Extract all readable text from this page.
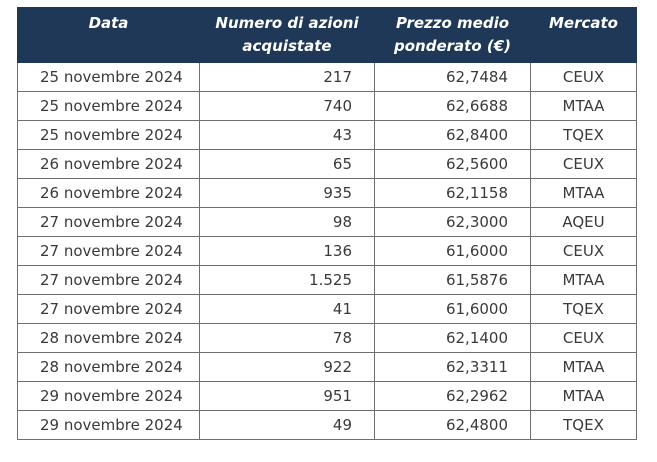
Data	Numero di azioni acquistate	Prezzo medio ponderato (€)	Mercato
25 novembre 2024	217	62,7484	CEUX
25 novembre 2024	740	62,6688	MTAA
25 novembre 2024	43	62,8400	TQEX
26 novembre 2024	65	62,5600	CEUX
26 novembre 2024	935	62,1158	MTAA
27 novembre 2024	98	62,3000	AQEU
27 novembre 2024	136	61,6000	CEUX
27 novembre 2024	1.525	61,5876	MTAA
27 novembre 2024	41	61,6000	TQEX
28 novembre 2024	78	62,1400	CEUX
28 novembre 2024	922	62,3311	MTAA
29 novembre 2024	951	62,2962	MTAA
29 novembre 2024	49	62,4800	TQEX
